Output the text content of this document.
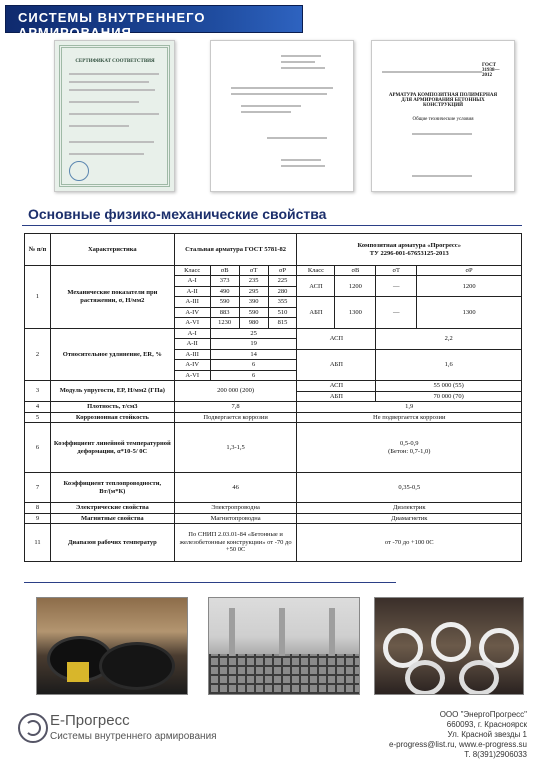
СИСТЕМЫ ВНУТРЕННЕГО АРМИРОВАНИЯ
СЕРТИФИКАТ СООТВЕТСТВИЯ
ГОСТ 31938—2012
АРМАТУРА КОМПОЗИТНАЯ ПОЛИМЕРНАЯ ДЛЯ АРМИРОВАНИЯ БЕТОННЫХ КОНСТРУКЦИЙ
Общие технические условия
Основные физико-механические свойства
№ п/п	Характеристика	Стальная арматура ГОСТ 5781-82				Композитная арматура «Прогресс»
ТУ 2296-001-67653125-2013			
1	Механические показатели при растяжении, σ, Н/мм2	Класс	σВ	σТ	σР	Класс	σВ	σТ	σР
		А-I	373	235	225	АСП	1200	—	1200
		А-II	490	295	280				
		А-III	590	390	355	АБП	1300	—	1300
		А-IV	883	590	510				
		А-VI	1230	980	815				
2	Относительное удлинение, ER, %	А-I	25			АСП		2,2	
		А-II	19						
		А-III	14			АБП		1,6	
		А-IV	6						
		А-VI	6						
3	Модуль упругости, ЕР, Н/мм2 (ГПа)	200 000 (200)				АСП		55 000 (55)	
						АБП		70 000 (70)	
4	Плотность, т/см3	7,8				1,9			
5	Коррозионная стойкость	Подвергается коррозии				Не подвергается коррозии			
6	Коэффициент линейной температурной деформации, α*10-5/ 0С	1,3-1,5				0,5-0,9
(Бетон: 0,7-1,0)			
7	Коэффициент теплопроводности, Вт/(м*К)	46				0,35-0,5			
8	Электрические свойства	Электропроводна				Диэлектрик			
9	Магнитные свойства	Магнитопроводна				Диамагнетик			
11	Диапазон рабочих температур	По СНИП 2.03.01-84 «Бетонные и железобетонные конструкции» от -70 до +50 0С				от -70 до +100 0С			
Е-Прогресс
Системы внутреннего армирования
ООО "ЭнергоПрогресс"
660093, г. Красноярск
Ул. Красной звезды 1
e-progress@list.ru, www.e-progress.su
Т. 8(391)2906033
